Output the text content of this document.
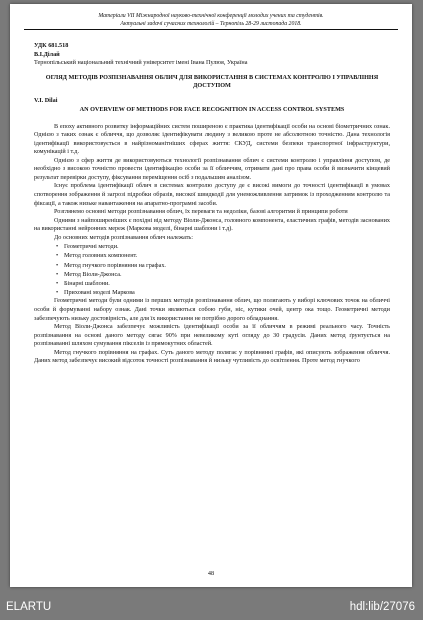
Матеріали VII Міжнародної науково-технічної конференції молодих учених та студентів.
Актуальні задачі сучасних технологій – Тернопіль 28-29 листопада 2018.
УДК 681.518
В.І.Ділай
Тернопільський національний технічний університет імені Івана Пулюя, Україна
ОГЛЯД МЕТОДІВ РОЗПІЗНАВАННЯ ОБЛИЧ ДЛЯ ВИКОРИСТАННЯ В СИСТЕМАХ КОНТРОЛЮ І УПРАВЛІННЯ ДОСТУПОМ
V.I. Dilai
AN OVERVIEW OF METHODS FOR FACE RECOGNITION IN ACCESS CONTROL SYSTEMS

В епоху активного розвитку інформаційних систем поширеною є практика ідентифікації особи на основі біометричних ознак. Однією з таких ознак є обличчя, що дозволяє ідентифікувати людину з великою проте не абсолютною точністю. Дана технологія ідентифікації використовується в найрізноманітніших сферах життя: СКУД, системи безпеки транспортної інфраструктури, комунікацій і т.д.

Однією з сфер життя де використовуються технології розпізнавання облич є системи контролю і управління доступом, де необхідно з високою точністю провести ідентифікацію особи за її обличчям, отримати дані про права особи й визначити кінцевий результат перевірки доступу, фіксування переміщення осіб з подальшим аналізом.

Існує проблема ідентифікації облич в системах контролю доступу де є високі вимоги до точності ідентифікації в умовах спотворення зображення й загрозі підробки образів, високої швидкодії для унеможливлення затримок із проходженням контролю та фіксації, а також низьке навантаження на апаратно-програмні засоби.

Розглянемо основні методи розпізнавання облич, їх переваги та недоліки, базові алгоритми й принципи роботи

Одними з найпоширеніших є похідні від методу Віоли-Джонса, головного компонента, еластичних графів, методів заснованих на використанні нейронних мереж (Маркова моделі, бінарні шаблони і т.д).

До основних методів розпізнавання облич належать:

• Геометричні методи.
• Метод головних компонент.
• Метод гнучкого порівняння на графах.
• Метод Віоли-Джонса.
• Бінарні шаблони.
• Приховані моделі Маркова

Геометричні методи були одними із перших методів розпізнавання облич, що полягають у виборі ключових точок на обличчі особи й формуванні набору ознак. Дані точки являються собою губи, ніс, кутики очей, центр ока тощо. Геометричні методи забезпечують низьку достовірність, але для їх використання не потрібно дорого обладнання.

Метод Віоли-Джонса забезпечує можливість ідентифікації особи за її обличчям в режимі реального часу. Точність розпізнавання на основі даного методу сягає 90% при невеликому куті огляду до 30 градусів. Даних метод ґрунтується на розпізнаванні шляхом сумування пікселів із прямокутних областей.

Метод гнучкого порівняння на графах. Суть даного методу полягає у порівнянні графів, які описують зображення обличчя. Даних метод забезпечує високий відсоток точності розпізнавання й низьку чутливість до освітлення. Проте метод гнучкого

48
ELARTU	hdl:lib/27076
